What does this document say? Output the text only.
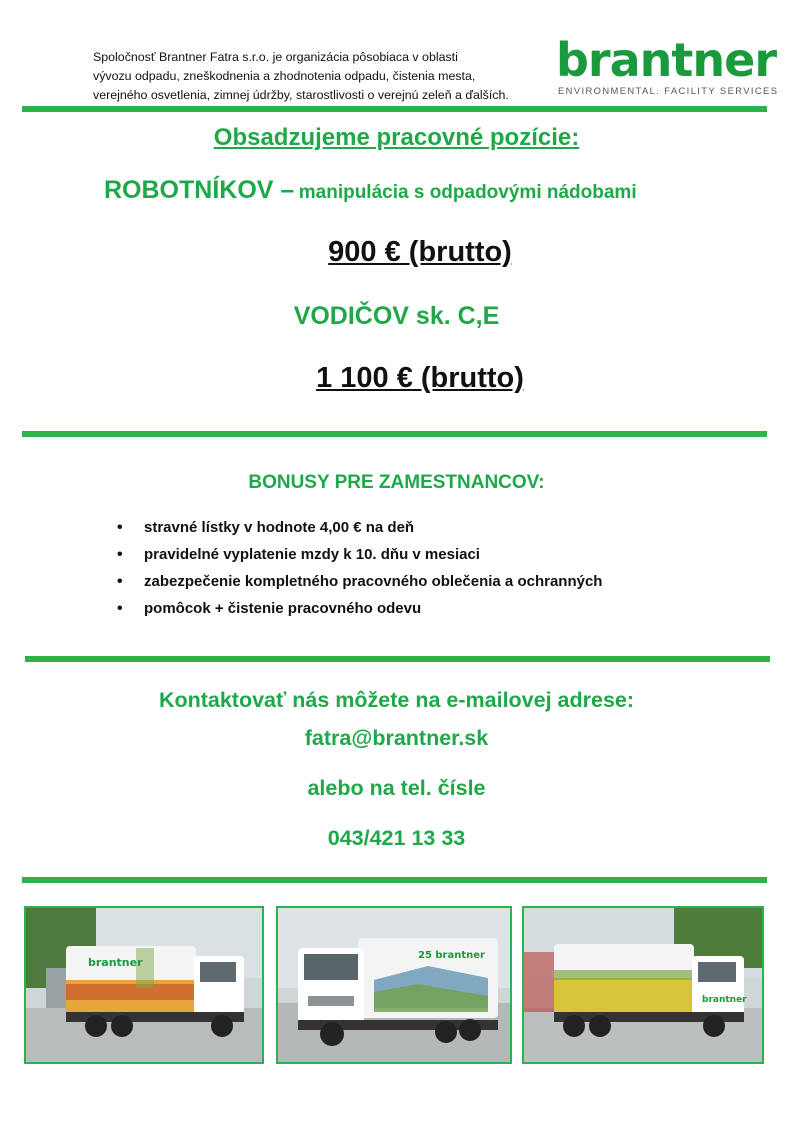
Spoločnosť Brantner Fatra s.r.o. je organizácia pôsobiaca v oblasti
vývozu odpadu, zneškodnenia a zhodnotenia odpadu, čistenia mesta,
verejného osvetlenia, zimnej údržby, starostlivosti o verejnú zeleň a ďalších.
brantner
ENVIRONMENTAL. FACILITY SERVICES
Obsadzujeme pracovné pozície:
ROBOTNÍKOV – manipulácia s odpadovými nádobami
900 € (brutto)
VODIČOV sk. C,E
1 100 € (brutto)
BONUSY PRE ZAMESTNANCOV:
• stravné lístky v hodnote 4,00 € na deň
• pravidelné vyplatenie mzdy k 10. dňu v mesiaci
• zabezpečenie kompletného pracovného oblečenia a ochranných
• pomôcok + čistenie pracovného odevu
Kontaktovať nás môžete na e-mailovej adrese:
fatra@brantner.sk
alebo na tel. čísle
043/421 13 33
brantner
25 brantner
brantner
